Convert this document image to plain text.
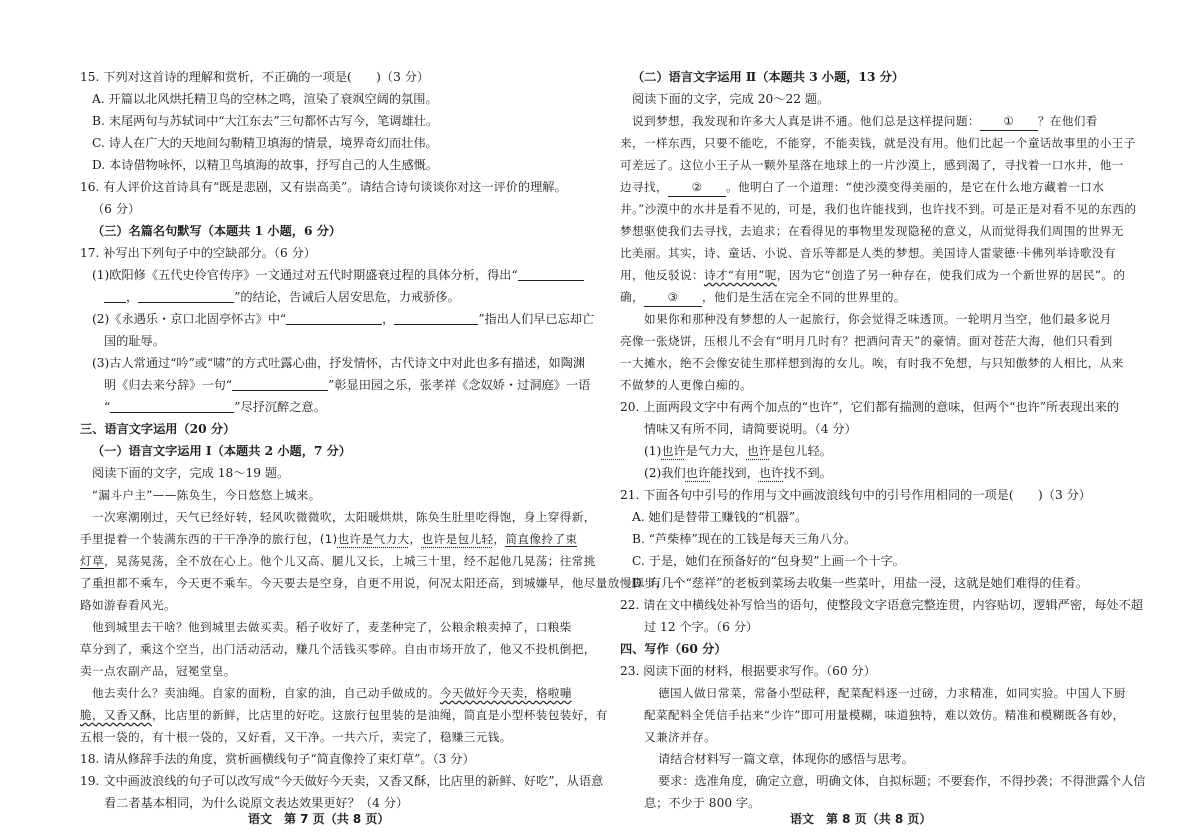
15. 下列对这首诗的理解和赏析，不正确的一项是(　　)（3 分）

A. 开篇以北风烘托精卫鸟的空林之鸣，渲染了衰飒空阔的氛围。

B. 末尾两句与苏轼词中“大江东去”三句都怀古写今，笔调雄壮。

C. 诗人在广大的天地间勾勒精卫填海的情景，境界奇幻而壮伟。

D. 本诗借物咏怀，以精卫鸟填海的故事，抒写自己的人生感慨。

16. 有人评价这首诗具有“既是悲剧，又有崇高美”。请结合诗句谈谈你对这一评价的理解。

（6 分）

（三）名篇名句默写（本题共 1 小题，6 分）

17. 补写出下列句子中的空缺部分。（6 分）

(1)欧阳修《五代史伶官传序》一文通过对五代时期盛衰过程的具体分析，得出“

，	”的结论，告诫后人居安思危，力戒骄侈。

(2)《永遇乐・京口北固亭怀古》中“	，	”指出人们早已忘却亡

国的耻辱。

(3)古人常通过“吟”或“啸”的方式吐露心曲，抒发情怀，古代诗文中对此也多有描述，如陶渊

明《归去来兮辞》一句“	”彰显田园之乐，张孝祥《念奴娇・过洞庭》一语

“	”尽抒沉醉之意。

三、语言文字运用（20 分）

（一）语言文字运用 Ⅰ（本题共 2 小题，7 分）

阅读下面的文字，完成 18～19 题。

“漏斗户主”——陈奂生，今日悠悠上城来。

一次寒潮刚过，天气已经好转，轻风吹微微吹，太阳暖烘烘，陈奂生肚里吃得饱，身上穿得新，

手里提着一个装满东西的干干净净的旅行包，(1)也许是气力大，也许是包儿轻，简直像拎了束

灯草，晃荡晃荡，全不放在心上。他个儿又高、腿儿又长，上城三十里，经不起他几晃荡；往常挑

了重担都不乘车，今天更不乘车。今天要去是空身，自更不用说，何况太阳还高，到城嫌早，他尽量放慢脚步，一

路如游春看风光。

他到城里去干啥？他到城里去做买卖。稻子收好了，麦垄种完了，公粮余粮卖掉了，口粮柴

草分到了，乘这个空当，出门活动活动，赚几个活钱买零碎。自由市场开放了，他又不投机倒把，

卖一点农副产品，冠冕堂皇。

他去卖什么？卖油绳。自家的面粉，自家的油，自己动手做成的。今天做好今天卖，格啦嘣

脆，又香又酥，比店里的新鲜，比店里的好吃。这旅行包里装的是油绳，简直是小型杯装包装好，有

五根一袋的，有十根一袋的，又好看，又干净。一共六斤，卖完了，稳赚三元钱。

18. 请从修辞手法的角度，赏析画横线句子“简直像拎了束灯草”。（3 分）

19. 文中画波浪线的句子可以改写成“今天做好今天卖，又香又酥，比店里的新鲜、好吃”，从语意

看二者基本相同，为什么说原文表达效果更好？（4 分）

（二）语言文字运用 Ⅱ（本题共 3 小题，13 分）

阅读下面的文字，完成 20～22 题。

说到梦想，我发现和许多大人真是讲不通。他们总是这样提问题： ① ？在他们看

来，一样东西，只要不能吃，不能穿，不能卖钱，就是没有用。他们比起一个童话故事里的小王子

可差远了。这位小王子从一颗外星落在地球上的一片沙漠上，感到渴了，寻找着一口水井，他一

边寻找， ② 。他明白了一个道理：“使沙漠变得美丽的，是它在什么地方藏着一口水

井。”沙漠中的水井是看不见的，可是，我们也许能找到，也许找不到。可是正是对看不见的东西的

梦想驱使我们去寻找，去追求；在看得见的事物里发现隐秘的意义，从而觉得我们周围的世界无

比美丽。其实，诗、童话、小说、音乐等都是人类的梦想。美国诗人雷蒙德·卡佛列举诗歌没有

用，他反驳说：诗才“有用”呢，因为它“创造了另一种存在，使我们成为一个新世界的居民”。的

确， ③ ，他们是生活在完全不同的世界里的。

如果你和那种没有梦想的人一起旅行，你会觉得乏味透顶。一轮明月当空，他们最多说月

亮像一张烧饼，压根儿不会有“明月几时有？把酒问青天”的豪情。面对苍茫大海，他们只看到

一大摊水，绝不会像安徒生那样想到海的女儿。唉，有时我不免想，与只知傲梦的人相比，从来

不做梦的人更像白痴的。

20. 上面两段文字中有两个加点的“也许”，它们都有揣测的意味，但两个“也许”所表现出来的

情味又有所不同，请简要说明。（4 分）

(1)也许是气力大，也许是包儿轻。

(2)我们也许能找到，也许找不到。

21. 下面各句中引号的作用与文中画波浪线句中的引号作用相同的一项是(　　)（3 分）

A. 她们是替带工赚钱的“机器”。

B. “芦柴棒”现在的工钱是每天三角八分。

C. 于是，她们在预备好的“包身契”上画一个十字。

D. 有几个“慈祥”的老板到菜场去收集一些菜叶，用盐一浸，这就是她们难得的佳肴。

22. 请在文中横线处补写恰当的语句，使整段文字语意完整连贯，内容贴切，逻辑严密，每处不超

过 12 个字。（6 分）

四、写作（60 分）

23. 阅读下面的材料，根据要求写作。（60 分）

德国人做日常菜，常备小型砝秤，配菜配料逐一过磅，力求精准，如同实验。中国人下厨

配菜配料全凭信手拈来“少许”即可用量模糊，味道独特，难以效仿。精准和模糊既各有妙，

又兼济并存。

请结合材料写一篇文章，体现你的感悟与思考。

要求：选准角度，确定立意，明确文体，自拟标题；不要套作，不得抄袭；不得泄露个人信

息；不少于 800 字。

语文　第 7 页（共 8 页）	语文　第 8 页（共 8 页）
